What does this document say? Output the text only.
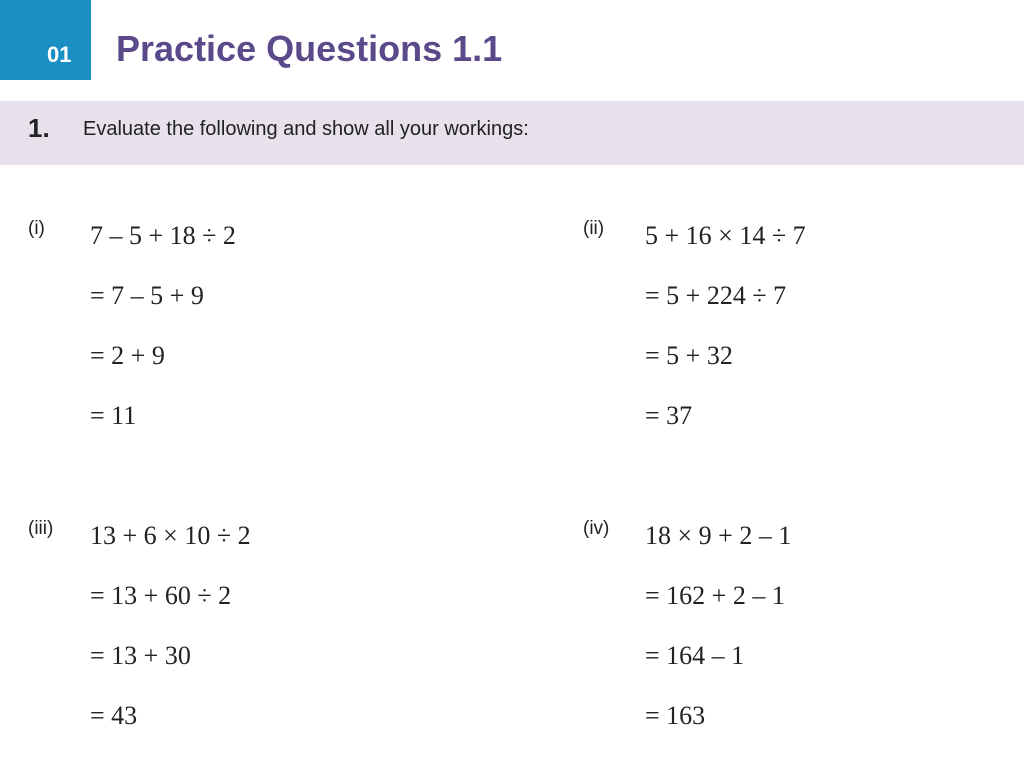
01 Practice Questions 1.1
1. Evaluate the following and show all your workings:
(i) 7 – 5 + 18 ÷ 2
= 7 – 5 + 9
= 2 + 9
= 11
(ii) 5 + 16 × 14 ÷ 7
= 5 + 224 ÷ 7
= 5 + 32
= 37
(iii) 13 + 6 × 10 ÷ 2
= 13 + 60 ÷ 2
= 13 + 30
= 43
(iv) 18 × 9 + 2 – 1
= 162 + 2 – 1
= 164 – 1
= 163
